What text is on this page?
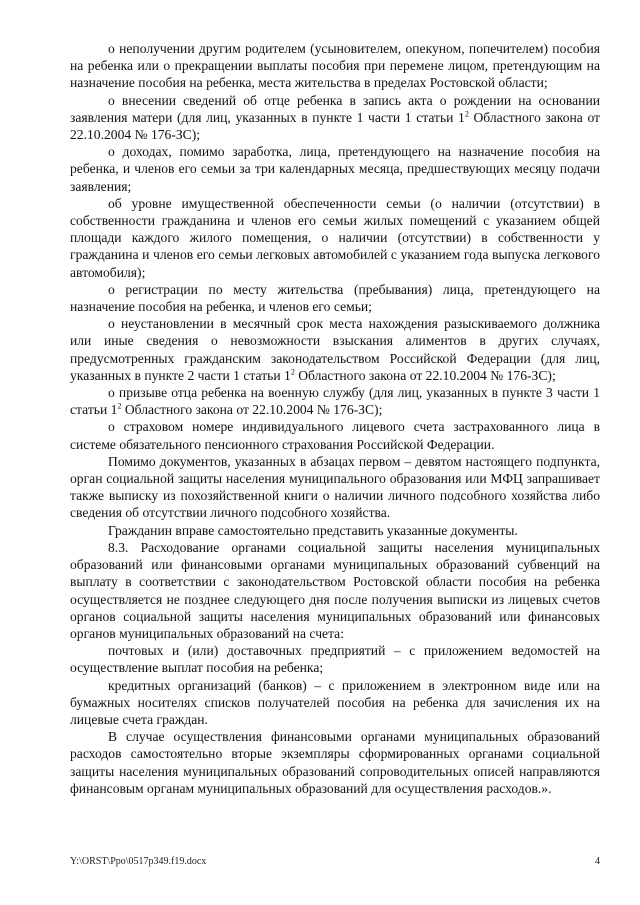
о неполучении другим родителем (усыновителем, опекуном, попечителем) пособия на ребенка или о прекращении выплаты пособия при перемене лицом, претендующим на назначение пособия на ребенка, места жительства в пределах Ростовской области;

о внесении сведений об отце ребенка в запись акта о рождении на основании заявления матери (для лиц, указанных в пункте 1 части 1 статьи $1^2$ Областного закона от 22.10.2004 № 176-ЗС);

о доходах, помимо заработка, лица, претендующего на назначение пособия на ребенка, и членов его семьи за три календарных месяца, предшествующих месяцу подачи заявления;

об уровне имущественной обеспеченности семьи (о наличии (отсутствии) в собственности гражданина и членов его семьи жилых помещений с указанием общей площади каждого жилого помещения, о наличии (отсутствии) в собственности у гражданина и членов его семьи легковых автомобилей с указанием года выпуска легкового автомобиля);

о регистрации по месту жительства (пребывания) лица, претендующего на назначение пособия на ребенка, и членов его семьи;

о неустановлении в месячный срок места нахождения разыскиваемого должника или иные сведения о невозможности взыскания алиментов в других случаях, предусмотренных гражданским законодательством Российской Федерации (для лиц, указанных в пункте 2 части 1 статьи $1^2$ Областного закона от 22.10.2004 № 176-ЗС);

о призыве отца ребенка на военную службу (для лиц, указанных в пункте 3 части 1 статьи $1^2$ Областного закона от 22.10.2004 № 176-ЗС);

о страховом номере индивидуального лицевого счета застрахованного лица в системе обязательного пенсионного страхования Российской Федерации.

Помимо документов, указанных в абзацах первом – девятом настоящего подпункта, орган социальной защиты населения муниципального образования или МФЦ запрашивает также выписку из похозяйственной книги о наличии личного подсобного хозяйства либо сведения об отсутствии личного подсобного хозяйства.

Гражданин вправе самостоятельно представить указанные документы.

8.3. Расходование органами социальной защиты населения муниципальных образований или финансовыми органами муниципальных образований субвенций на выплату в соответствии с законодательством Ростовской области пособия на ребенка осуществляется не позднее следующего дня после получения выписки из лицевых счетов органов социальной защиты населения муниципальных образований или финансовых органов муниципальных образований на счета:

почтовых и (или) доставочных предприятий – с приложением ведомостей на осуществление выплат пособия на ребенка;

кредитных организаций (банков) – с приложением в электронном виде или на бумажных носителях списков получателей пособия на ребенка для зачисления их на лицевые счета граждан.

В случае осуществления финансовыми органами муниципальных образований расходов самостоятельно вторые экземпляры сформированных органами социальной защиты населения муниципальных образований сопроводительных описей направляются финансовым органам муниципальных образований для осуществления расходов.».

Y:\ORST\Ppo\0517p349.f19.docx	4
